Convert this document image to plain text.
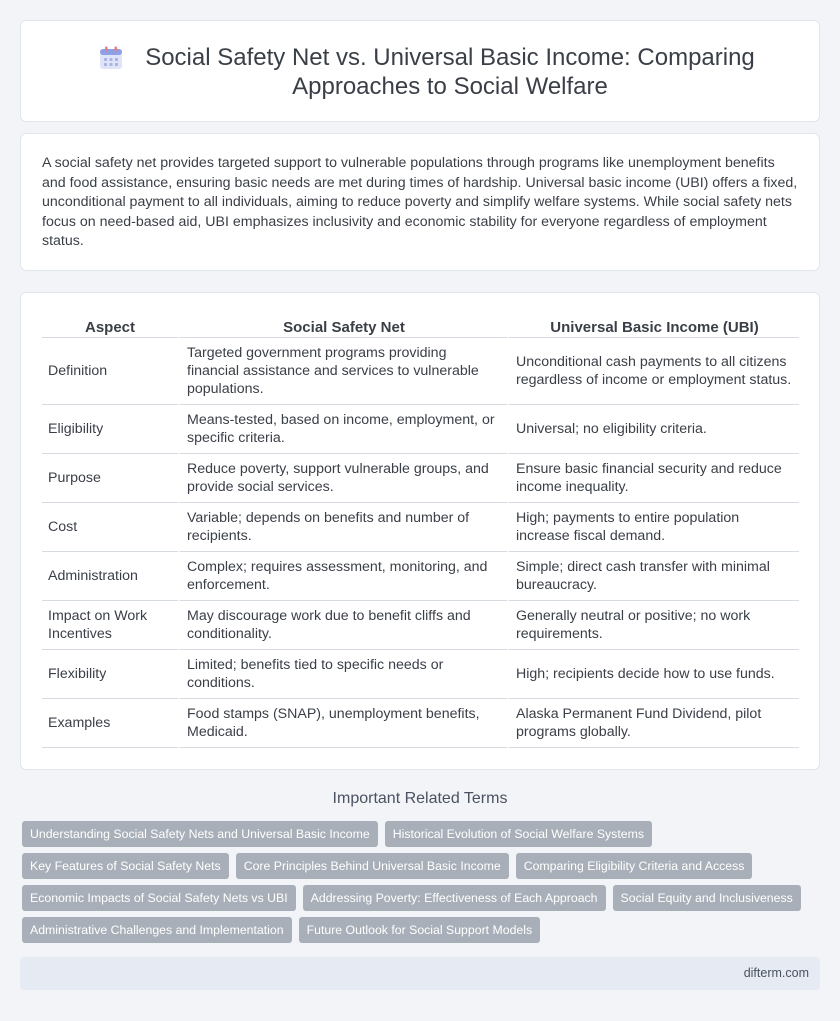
Social Safety Net vs. Universal Basic Income: Comparing Approaches to Social Welfare

A social safety net provides targeted support to vulnerable populations through programs like unemployment benefits and food assistance, ensuring basic needs are met during times of hardship. Universal basic income (UBI) offers a fixed, unconditional payment to all individuals, aiming to reduce poverty and simplify welfare systems. While social safety nets focus on need-based aid, UBI emphasizes inclusivity and economic stability for everyone regardless of employment status.

Aspect	Social Safety Net	Universal Basic Income (UBI)
Definition	Targeted government programs providing financial assistance and services to vulnerable populations.	Unconditional cash payments to all citizens regardless of income or employment status.
Eligibility	Means-tested, based on income, employment, or specific criteria.	Universal; no eligibility criteria.
Purpose	Reduce poverty, support vulnerable groups, and provide social services.	Ensure basic financial security and reduce income inequality.
Cost	Variable; depends on benefits and number of recipients.	High; payments to entire population increase fiscal demand.
Administration	Complex; requires assessment, monitoring, and enforcement.	Simple; direct cash transfer with minimal bureaucracy.
Impact on Work Incentives	May discourage work due to benefit cliffs and conditionality.	Generally neutral or positive; no work requirements.
Flexibility	Limited; benefits tied to specific needs or conditions.	High; recipients decide how to use funds.
Examples	Food stamps (SNAP), unemployment benefits, Medicaid.	Alaska Permanent Fund Dividend, pilot programs globally.
Important Related Terms
Understanding Social Safety Nets and Universal Basic Income Historical Evolution of Social Welfare Systems
Key Features of Social Safety Nets Core Principles Behind Universal Basic Income Comparing Eligibility Criteria and Access
Economic Impacts of Social Safety Nets vs UBI Addressing Poverty: Effectiveness of Each Approach Social Equity and Inclusiveness
Administrative Challenges and Implementation Future Outlook for Social Support Models
difterm.com
